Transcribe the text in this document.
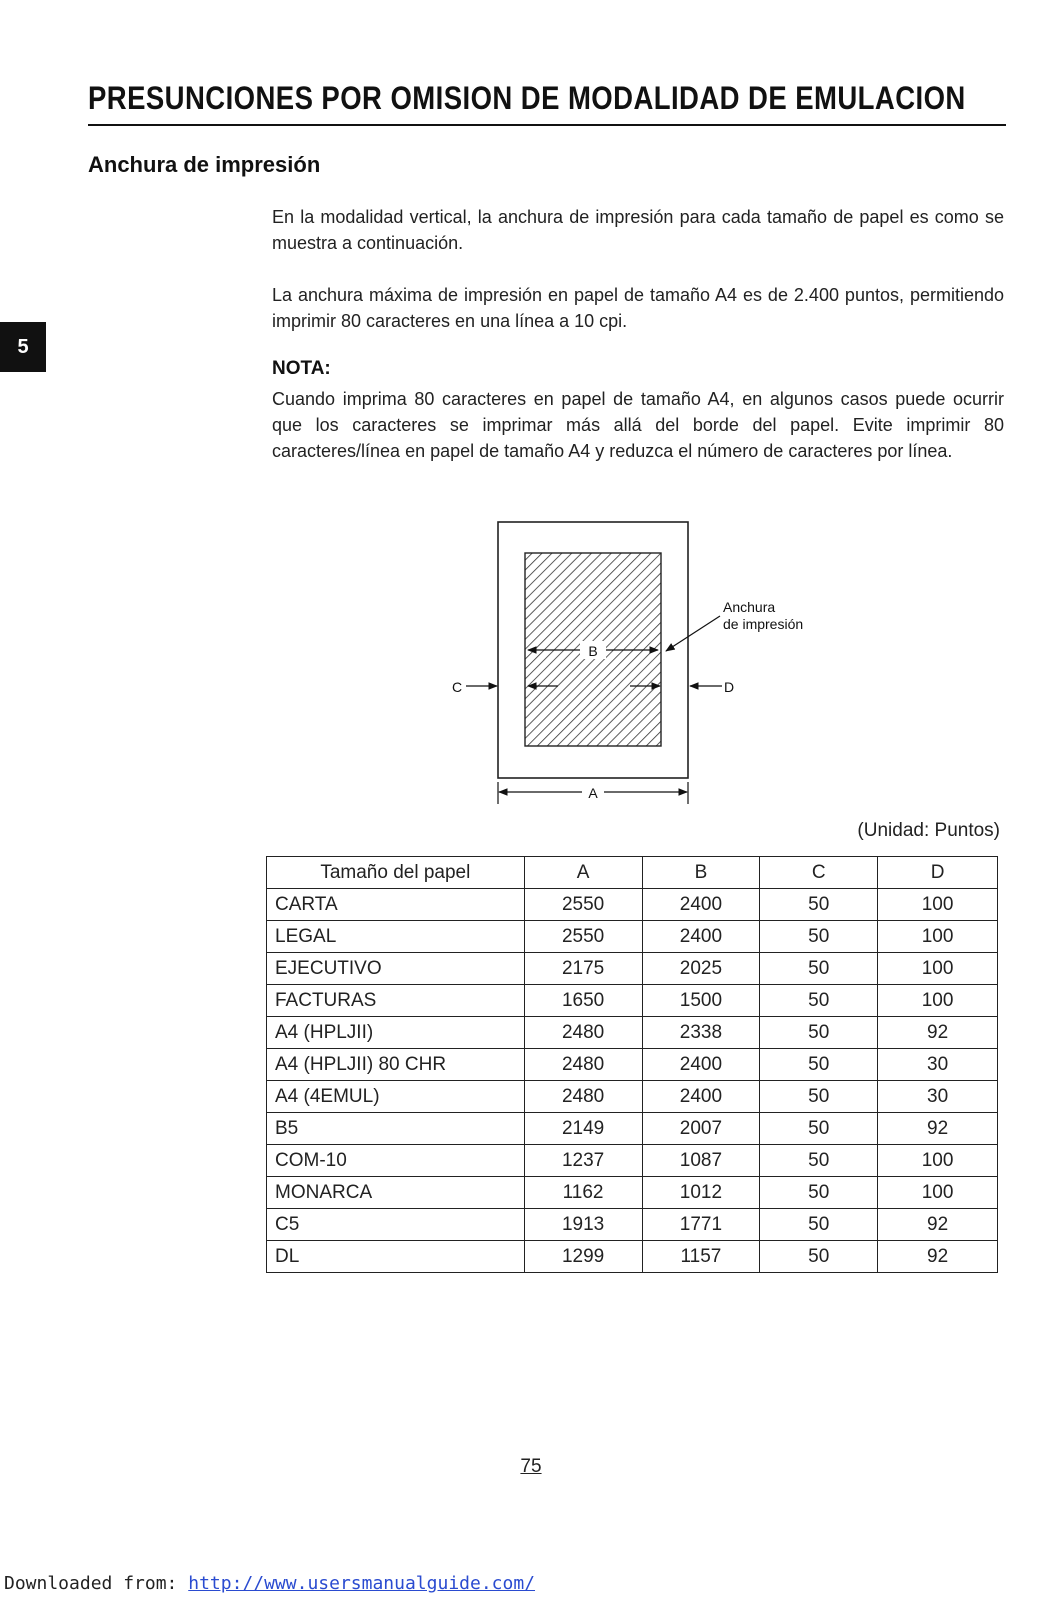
PRESUNCIONES POR OMISION DE MODALIDAD DE EMULACION
5
Anchura de impresión
En la modalidad vertical, la anchura de impresión para cada tamaño de papel es como se muestra a continuación.
La anchura máxima de impresión en papel de tamaño A4 es de 2.400 puntos, permitiendo imprimir 80 caracteres en una línea a 10 cpi.
NOTA:
Cuando imprima 80 caracteres en papel de tamaño A4, en algunos casos puede ocurrir que los caracteres se imprimar más allá del borde del papel. Evite imprimir 80 caracteres/línea en papel de tamaño A4 y reduzca el número de caracteres por línea.
B
C	D
A
Anchura
de impresión
(Unidad: Puntos)
Tamaño del papel	A	B	C	D
CARTA	2550	2400	50	100
LEGAL	2550	2400	50	100
EJECUTIVO	2175	2025	50	100
FACTURAS	1650	1500	50	100
A4 (HPLJII)	2480	2338	50	92
A4 (HPLJII) 80 CHR	2480	2400	50	30
A4 (4EMUL)	2480	2400	50	30
B5	2149	2007	50	92
COM-10	1237	1087	50	100
MONARCA	1162	1012	50	100
C5	1913	1771	50	92
DL	1299	1157	50	92
75
Downloaded from: http://www.usersmanualguide.com/
